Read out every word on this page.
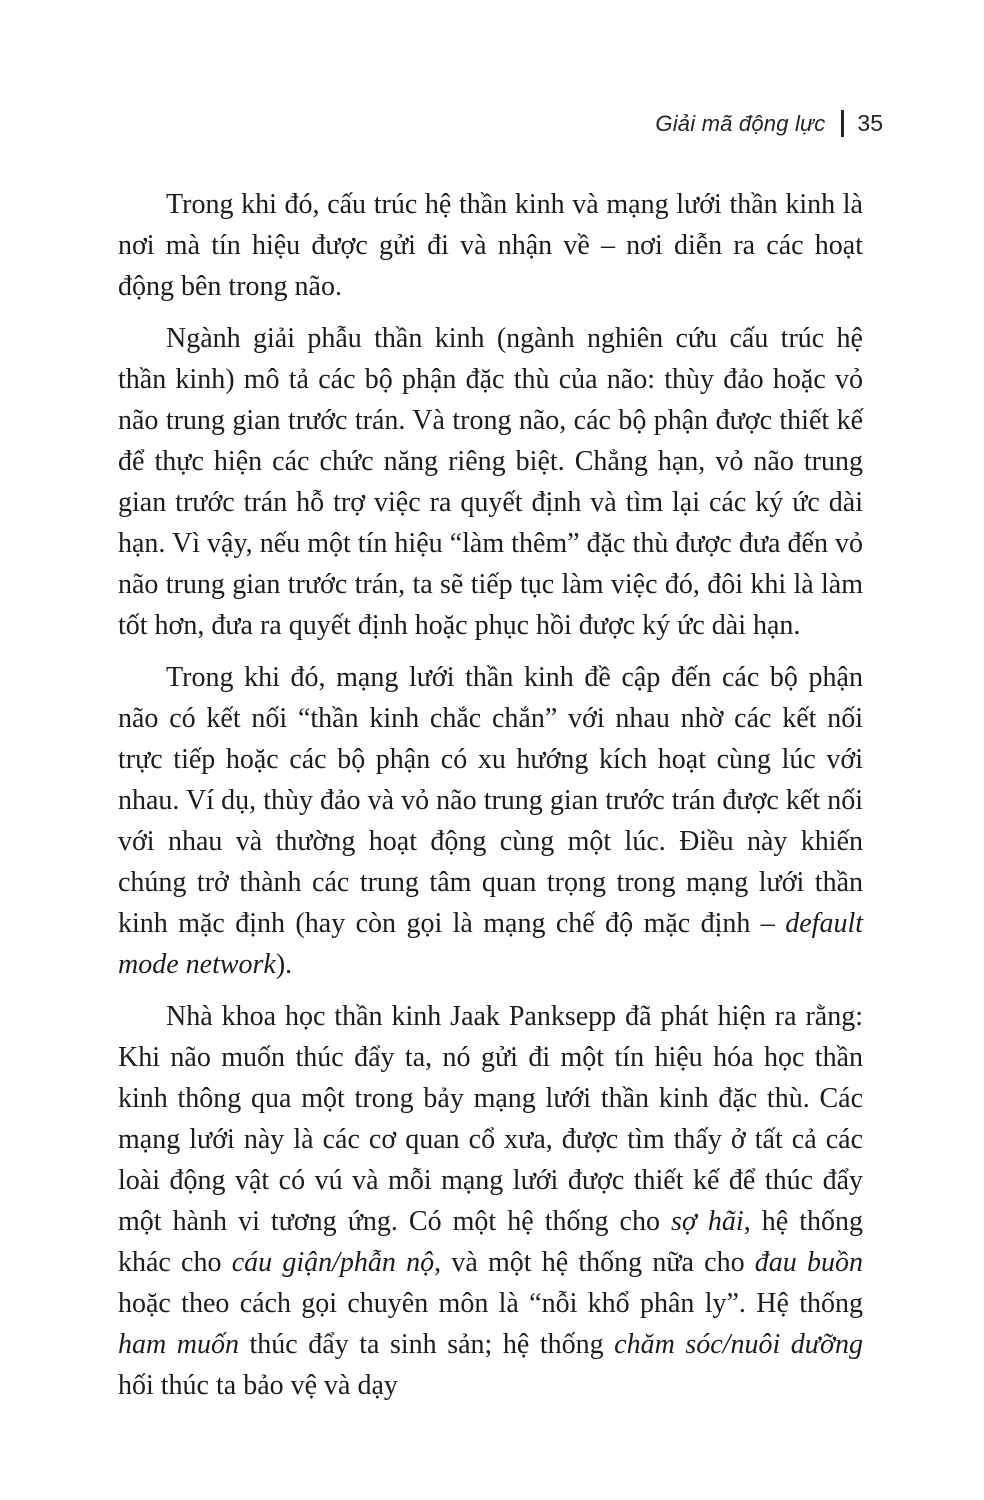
Giải mã động lực 35

Trong khi đó, cấu trúc hệ thần kinh và mạng lưới thần kinh là nơi mà tín hiệu được gửi đi và nhận về – nơi diễn ra các hoạt động bên trong não.

Ngành giải phẫu thần kinh (ngành nghiên cứu cấu trúc hệ thần kinh) mô tả các bộ phận đặc thù của não: thùy đảo hoặc vỏ não trung gian trước trán. Và trong não, các bộ phận được thiết kế để thực hiện các chức năng riêng biệt. Chẳng hạn, vỏ não trung gian trước trán hỗ trợ việc ra quyết định và tìm lại các ký ức dài hạn. Vì vậy, nếu một tín hiệu “làm thêm” đặc thù được đưa đến vỏ não trung gian trước trán, ta sẽ tiếp tục làm việc đó, đôi khi là làm tốt hơn, đưa ra quyết định hoặc phục hồi được ký ức dài hạn.

Trong khi đó, mạng lưới thần kinh đề cập đến các bộ phận não có kết nối “thần kinh chắc chắn” với nhau nhờ các kết nối trực tiếp hoặc các bộ phận có xu hướng kích hoạt cùng lúc với nhau. Ví dụ, thùy đảo và vỏ não trung gian trước trán được kết nối với nhau và thường hoạt động cùng một lúc. Điều này khiến chúng trở thành các trung tâm quan trọng trong mạng lưới thần kinh mặc định (hay còn gọi là mạng chế độ mặc định – default mode network).

Nhà khoa học thần kinh Jaak Panksepp đã phát hiện ra rằng: Khi não muốn thúc đẩy ta, nó gửi đi một tín hiệu hóa học thần kinh thông qua một trong bảy mạng lưới thần kinh đặc thù. Các mạng lưới này là các cơ quan cổ xưa, được tìm thấy ở tất cả các loài động vật có vú và mỗi mạng lưới được thiết kế để thúc đẩy một hành vi tương ứng. Có một hệ thống cho sợ hãi, hệ thống khác cho cáu giận/phẫn nộ, và một hệ thống nữa cho đau buồn hoặc theo cách gọi chuyên môn là “nỗi khổ phân ly”. Hệ thống ham muốn thúc đẩy ta sinh sản; hệ thống chăm sóc/nuôi dưỡng hối thúc ta bảo vệ và dạy
